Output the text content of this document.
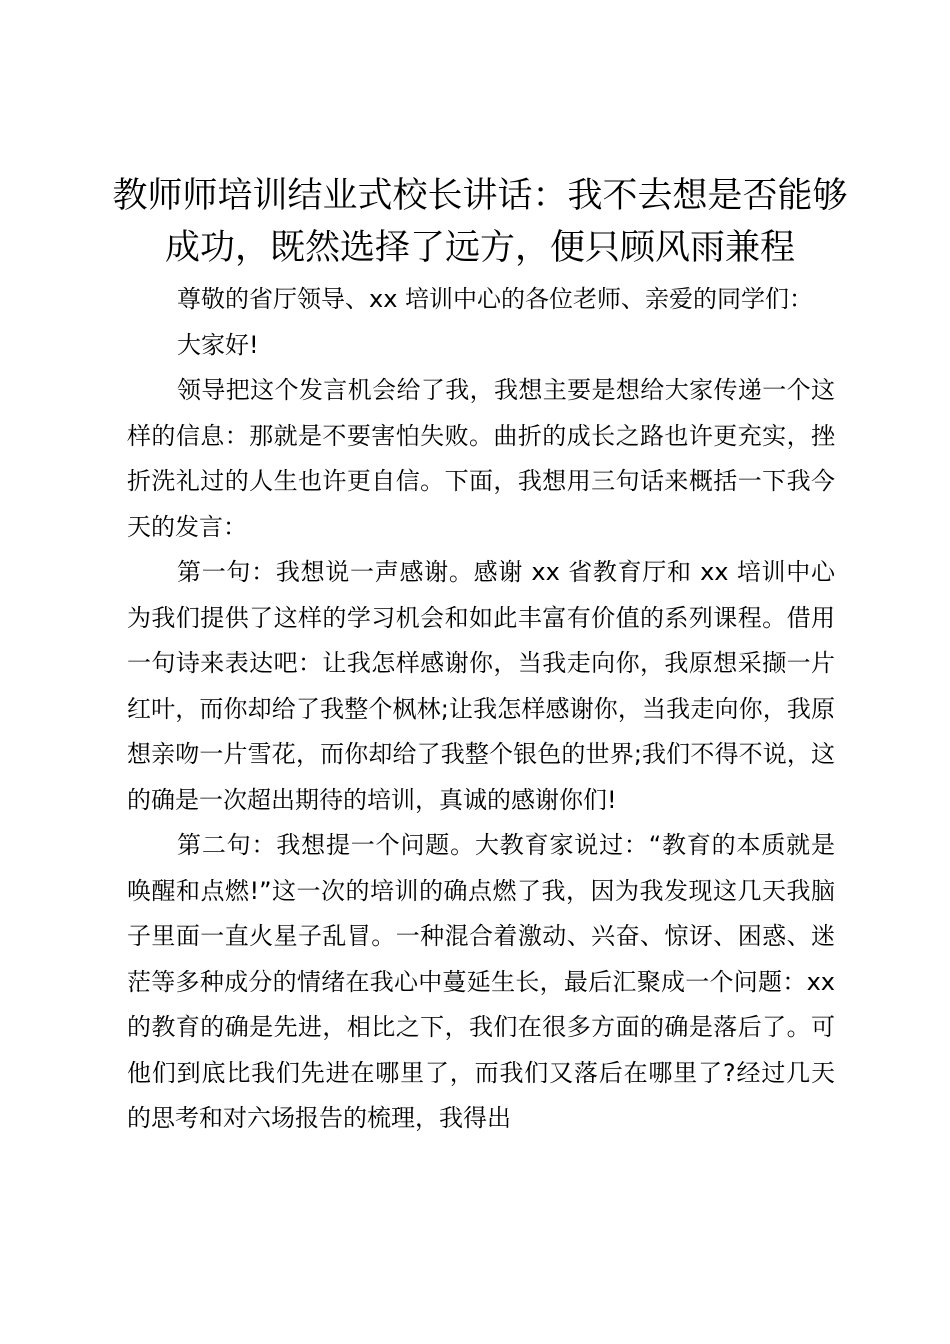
教师师培训结业式校长讲话：我不去想是否能够成功，既然选择了远方，便只顾风雨兼程

尊敬的省厅领导、xx 培训中心的各位老师、亲爱的同学们：

大家好!

领导把这个发言机会给了我，我想主要是想给大家传递一个这样的信息：那就是不要害怕失败。曲折的成长之路也许更充实，挫折洗礼过的人生也许更自信。下面，我想用三句话来概括一下我今天的发言：

第一句：我想说一声感谢。感谢 xx 省教育厅和 xx 培训中心为我们提供了这样的学习机会和如此丰富有价值的系列课程。借用一句诗来表达吧：让我怎样感谢你，当我走向你，我原想采撷一片红叶，而你却给了我整个枫林;让我怎样感谢你，当我走向你，我原想亲吻一片雪花，而你却给了我整个银色的世界;我们不得不说，这的确是一次超出期待的培训，真诚的感谢你们!

第二句：我想提一个问题。大教育家说过：“教育的本质就是唤醒和点燃!”这一次的培训的确点燃了我，因为我发现这几天我脑子里面一直火星子乱冒。一种混合着激动、兴奋、惊讶、困惑、迷茫等多种成分的情绪在我心中蔓延生长，最后汇聚成一个问题：xx 的教育的确是先进，相比之下，我们在很多方面的确是落后了。可他们到底比我们先进在哪里了，而我们又落后在哪里了?经过几天的思考和对六场报告的梳理，我得出
